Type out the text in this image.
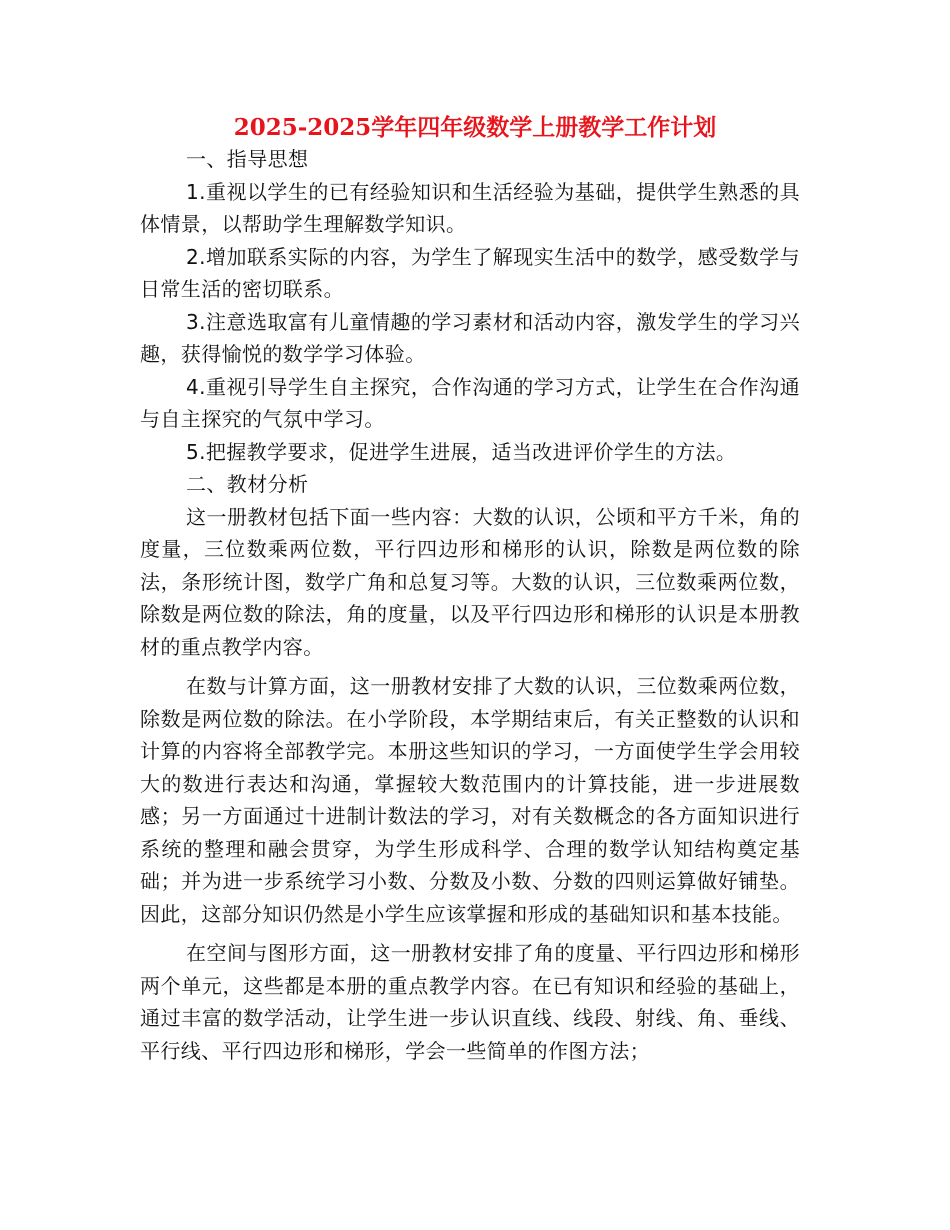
2025-2025学年四年级数学上册教学工作计划

一、指导思想

1.重视以学生的已有经验知识和生活经验为基础，提供学生熟悉的具体情景，以帮助学生理解数学知识。

2.增加联系实际的内容，为学生了解现实生活中的数学，感受数学与日常生活的密切联系。

3.注意选取富有儿童情趣的学习素材和活动内容，激发学生的学习兴趣，获得愉悦的数学学习体验。

4.重视引导学生自主探究，合作沟通的学习方式，让学生在合作沟通与自主探究的气氛中学习。

5.把握教学要求，促进学生进展，适当改进评价学生的方法。

二、教材分析

这一册教材包括下面一些内容：大数的认识，公顷和平方千米，角的度量，三位数乘两位数，平行四边形和梯形的认识，除数是两位数的除法，条形统计图，数学广角和总复习等。大数的认识，三位数乘两位数，除数是两位数的除法，角的度量，以及平行四边形和梯形的认识是本册教材的重点教学内容。

在数与计算方面，这一册教材安排了大数的认识，三位数乘两位数，除数是两位数的除法。在小学阶段，本学期结束后，有关正整数的认识和计算的内容将全部教学完。本册这些知识的学习，一方面使学生学会用较大的数进行表达和沟通，掌握较大数范围内的计算技能，进一步进展数感；另一方面通过十进制计数法的学习，对有关数概念的各方面知识进行系统的整理和融会贯穿，为学生形成科学、合理的数学认知结构奠定基础；并为进一步系统学习小数、分数及小数、分数的四则运算做好铺垫。因此，这部分知识仍然是小学生应该掌握和形成的基础知识和基本技能。

在空间与图形方面，这一册教材安排了角的度量、平行四边形和梯形两个单元，这些都是本册的重点教学内容。在已有知识和经验的基础上，通过丰富的数学活动，让学生进一步认识直线、线段、射线、角、垂线、平行线、平行四边形和梯形，学会一些简单的作图方法；
